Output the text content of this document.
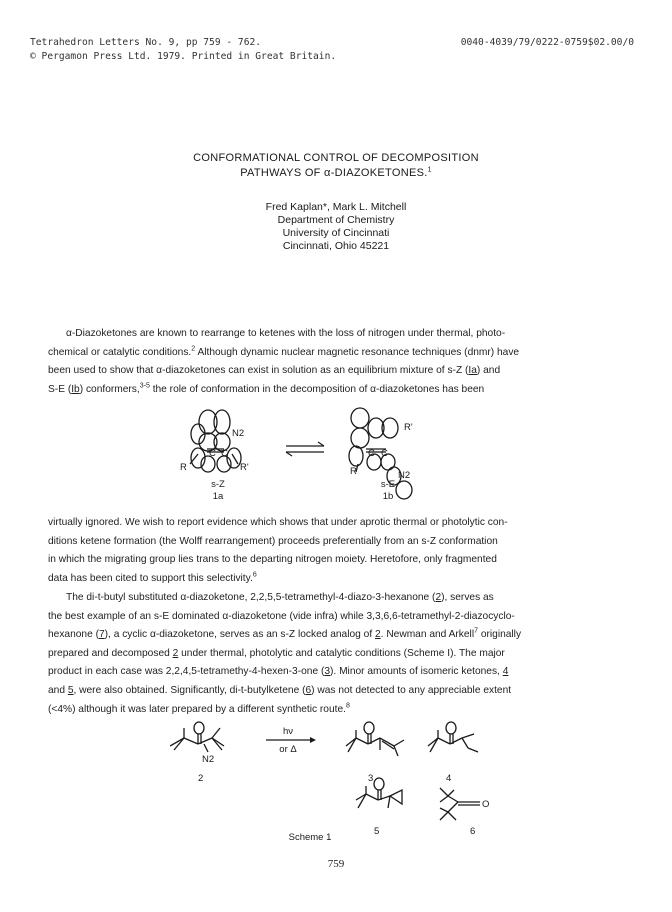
Tetrahedron Letters No. 9, pp 759 - 762.	0040-4039/79/0222-0759$02.00/0
© Pergamon Press Ltd. 1979. Printed in Great Britain.
CONFORMATIONAL CONTROL OF DECOMPOSITION
PATHWAYS OF α-DIAZOKETONES.$^1$
Fred Kaplan*, Mark L. Mitchell
Department of Chemistry
University of Cincinnati
Cincinnati, Ohio 45221

α-Diazoketones are known to rearrange to ketenes with the loss of nitrogen under thermal, photo-

chemical or catalytic conditions.$^2$ Although dynamic nuclear magnetic resonance techniques (dnmr) have

been used to show that α-diazoketones can exist in solution as an equilibrium mixture of s-Z (Ia) and

S-E (Ib) conformers,$^{3-5}$ the role of conformation in the decomposition of α-diazoketones has been

C C
N2
R	R'
s-Z
1a
C C
R'
R	N2
s-E
1b

virtually ignored. We wish to report evidence which shows that under aprotic thermal or photolytic con-

ditions ketene formation (the Wolff rearrangement) proceeds preferentially from an s-Z conformation

in which the migrating group lies trans to the departing nitrogen moiety. Heretofore, only fragmented

data has been cited to support this selectivity.$^6$

The di-t-butyl substituted α-diazoketone, 2,2,5,5-tetramethyl-4-diazo-3-hexanone (2), serves as

the best example of an s-E dominated α-diazoketone (vide infra) while 3,3,6,6-tetramethyl-2-diazocyclo-

hexanone (7), a cyclic α-diazoketone, serves as an s-Z locked analog of 2. Newman and Arkell$^7$ originally

prepared and decomposed 2 under thermal, photolytic and catalytic conditions (Scheme I). The major

product in each case was 2,2,4,5-tetramethy-4-hexen-3-one (3). Minor amounts of isomeric ketones, 4

and 5, were also obtained. Significantly, di-t-butylketene (6) was not detected to any appreciable extent

(<4%) although it was later prepared by a different synthetic route.$^8$

N2
2
hν
or Δ
3	4
5
O
6
Scheme 1
759
